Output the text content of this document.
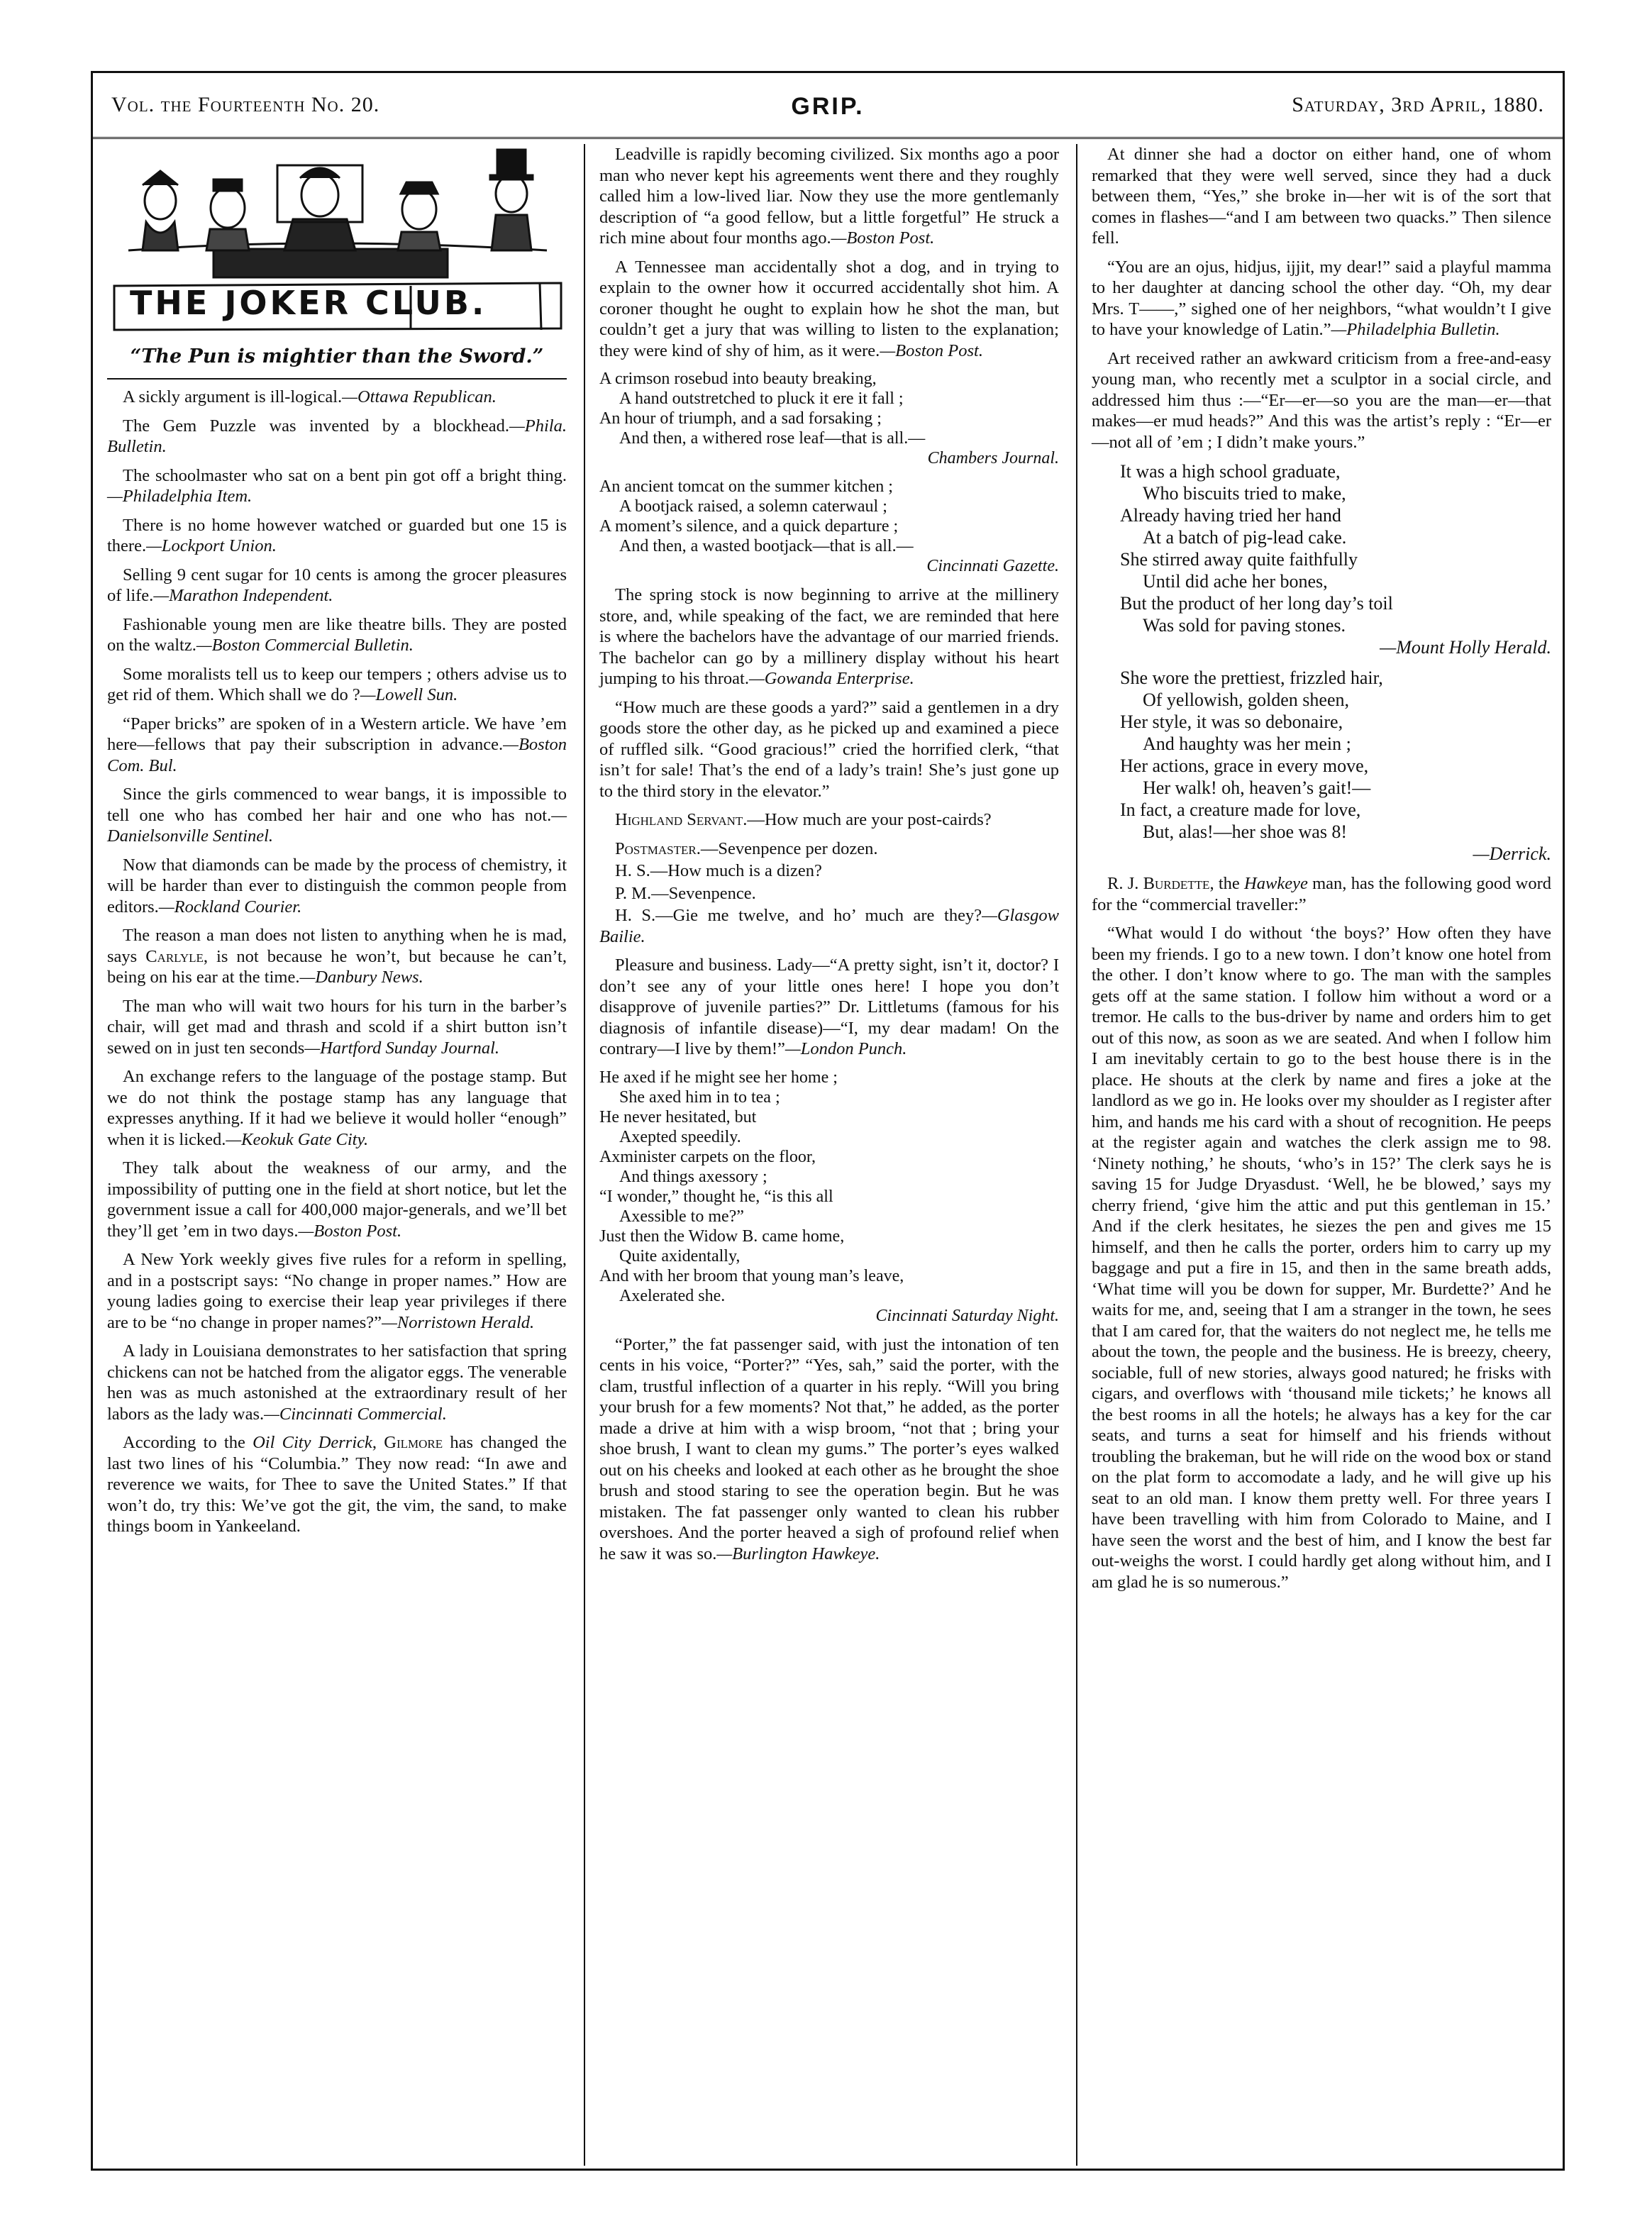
Vol. the Fourteenth No. 20.	GRIP.	Saturday, 3rd April, 1880.
THE JOKER CLUB.
“The Pun is mightier than the Sword.”

A sickly argument is ill-logical.—Ottawa Republican.

The Gem Puzzle was invented by a blockhead.—Phila. Bulletin.

The schoolmaster who sat on a bent pin got off a bright thing.—Philadelphia Item.

There is no home however watched or guarded but one 15 is there.—Lockport Union.

Selling 9 cent sugar for 10 cents is among the grocer pleasures of life.—Marathon Independent.

Fashionable young men are like theatre bills. They are posted on the waltz.—Boston Commercial Bulletin.

Some moralists tell us to keep our tempers ; others advise us to get rid of them. Which shall we do ?—Lowell Sun.

“Paper bricks” are spoken of in a Western article. We have ’em here—fellows that pay their subscription in advance.—Boston Com. Bul.

Since the girls commenced to wear bangs, it is impossible to tell one who has combed her hair and one who has not.—Danielsonville Sentinel.

Now that diamonds can be made by the process of chemistry, it will be harder than ever to distinguish the common people from editors.—Rockland Courier.

The reason a man does not listen to anything when he is mad, says Carlyle, is not because he won’t, but because he can’t, being on his ear at the time.—Danbury News.

The man who will wait two hours for his turn in the barber’s chair, will get mad and thrash and scold if a shirt button isn’t sewed on in just ten seconds—Hartford Sunday Journal.

An exchange refers to the language of the postage stamp. But we do not think the postage stamp has any language that expresses anything. If it had we believe it would holler “enough” when it is licked.—Keokuk Gate City.

They talk about the weakness of our army, and the impossibility of putting one in the field at short notice, but let the government issue a call for 400,000 major-generals, and we’ll bet they’ll get ’em in two days.—Boston Post.

A New York weekly gives five rules for a reform in spelling, and in a postscript says: “No change in proper names.” How are young ladies going to exercise their leap year privileges if there are to be “no change in proper names?”—Norristown Herald.

A lady in Louisiana demonstrates to her satisfaction that spring chickens can not be hatched from the aligator eggs. The venerable hen was as much astonished at the extraordinary result of her labors as the lady was.—Cincinnati Commercial.

According to the Oil City Derrick, Gilmore has changed the last two lines of his “Columbia.” They now read: “In awe and reverence we waits, for Thee to save the United States.” If that won’t do, try this: We’ve got the git, the vim, the sand, to make things boom in Yankeeland.

Leadville is rapidly becoming civilized. Six months ago a poor man who never kept his agreements went there and they roughly called him a low-lived liar. Now they use the more gentlemanly description of “a good fellow, but a little forgetful” He struck a rich mine about four months ago.—Boston Post.

A Tennessee man accidentally shot a dog, and in trying to explain to the owner how it occurred accidentally shot him. A coroner thought he ought to explain how he shot the man, but couldn’t get a jury that was willing to listen to the explanation; they were kind of shy of him, as it were.—Boston Post.

A crimson rosebud into beauty breaking,
A hand outstretched to pluck it ere it fall ;
An hour of triumph, and a sad forsaking ;
And then, a withered rose leaf—that is all.—
Chambers Journal.
An ancient tomcat on the summer kitchen ;
A bootjack raised, a solemn caterwaul ;
A moment’s silence, and a quick departure ;
And then, a wasted bootjack—that is all.—
Cincinnati Gazette.

The spring stock is now beginning to arrive at the millinery store, and, while speaking of the fact, we are reminded that here is where the bachelors have the advantage of our married friends. The bachelor can go by a millinery display without his heart jumping to his throat.—Gowanda Enterprise.

“How much are these goods a yard?” said a gentlemen in a dry goods store the other day, as he picked up and examined a piece of ruffled silk. “Good gracious!” cried the horrified clerk, “that isn’t for sale! That’s the end of a lady’s train! She’s just gone up to the third story in the elevator.”

Highland Servant.—How much are your post-cairds?

Postmaster.—Sevenpence per dozen.

H. S.—How much is a dizen?

P. M.—Sevenpence.

H. S.—Gie me twelve, and ho’ much are they?—Glasgow Bailie.

Pleasure and business. Lady—“A pretty sight, isn’t it, doctor? I don’t see any of your little ones here! I hope you don’t disapprove of juvenile parties?” Dr. Littletums (famous for his diagnosis of infantile disease)—“I, my dear madam! On the contrary—I live by them!”—London Punch.

He axed if he might see her home ;
She axed him in to tea ;
He never hesitated, but
Axepted speedily.
Axminister carpets on the floor,
And things axessory ;
“I wonder,” thought he, “is this all
Axessible to me?”
Just then the Widow B. came home,
Quite axidentally,
And with her broom that young man’s leave,
Axelerated she.
Cincinnati Saturday Night.

“Porter,” the fat passenger said, with just the intonation of ten cents in his voice, “Porter?” “Yes, sah,” said the porter, with the clam, trustful inflection of a quarter in his reply. “Will you bring your brush for a few moments? Not that,” he added, as the porter made a drive at him with a wisp broom, “not that ; bring your shoe brush, I want to clean my gums.” The porter’s eyes walked out on his cheeks and looked at each other as he brought the shoe brush and stood staring to see the operation begin. But he was mistaken. The fat passenger only wanted to clean his rubber overshoes. And the porter heaved a sigh of profound relief when he saw it was so.—Burlington Hawkeye.

At dinner she had a doctor on either hand, one of whom remarked that they were well served, since they had a duck between them, “Yes,” she broke in—her wit is of the sort that comes in flashes—“and I am between two quacks.” Then silence fell.

“You are an ojus, hidjus, ijjit, my dear!” said a playful mamma to her daughter at dancing school the other day. “Oh, my dear Mrs. T——,” sighed one of her neighbors, “what wouldn’t I give to have your knowledge of Latin.”—Philadelphia Bulletin.

Art received rather an awkward criticism from a free-and-easy young man, who recently met a sculptor in a social circle, and addressed him thus :—“Er—er—so you are the man—er—that makes—er mud heads?” And this was the artist’s reply : “Er—er—not all of ’em ; I didn’t make yours.”

It was a high school graduate,
Who biscuits tried to make,
Already having tried her hand
At a batch of pig-lead cake.
She stirred away quite faithfully
Until did ache her bones,
But the product of her long day’s toil
Was sold for paving stones.
—Mount Holly Herald.
She wore the prettiest, frizzled hair,
Of yellowish, golden sheen,
Her style, it was so debonaire,
And haughty was her mein ;
Her actions, grace in every move,
Her walk! oh, heaven’s gait!—
In fact, a creature made for love,
But, alas!—her shoe was 8!
—Derrick.

R. J. Burdette, the Hawkeye man, has the following good word for the “commercial traveller:”

“What would I do without ‘the boys?’ How often they have been my friends. I go to a new town. I don’t know one hotel from the other. I don’t know where to go. The man with the samples gets off at the same station. I follow him without a word or a tremor. He calls to the bus-driver by name and orders him to get out of this now, as soon as we are seated. And when I follow him I am inevitably certain to go to the best house there is in the place. He shouts at the clerk by name and fires a joke at the landlord as we go in. He looks over my shoulder as I register after him, and hands me his card with a shout of recognition. He peeps at the register again and watches the clerk assign me to 98. ‘Ninety nothing,’ he shouts, ‘who’s in 15?’ The clerk says he is saving 15 for Judge Dryasdust. ‘Well, he be blowed,’ says my cherry friend, ‘give him the attic and put this gentleman in 15.’ And if the clerk hesitates, he siezes the pen and gives me 15 himself, and then he calls the porter, orders him to carry up my baggage and put a fire in 15, and then in the same breath adds, ‘What time will you be down for supper, Mr. Burdette?’ And he waits for me, and, seeing that I am a stranger in the town, he sees that I am cared for, that the waiters do not neglect me, he tells me about the town, the people and the business. He is breezy, cheery, sociable, full of new stories, always good natured; he frisks with cigars, and overflows with ‘thousand mile tickets;’ he knows all the best rooms in all the hotels; he always has a key for the car seats, and turns a seat for himself and his friends without troubling the brakeman, but he will ride on the wood box or stand on the plat form to accomodate a lady, and he will give up his seat to an old man. I know them pretty well. For three years I have been travelling with him from Colorado to Maine, and I have seen the worst and the best of him, and I know the best far out-weighs the worst. I could hardly get along without him, and I am glad he is so numerous.”
